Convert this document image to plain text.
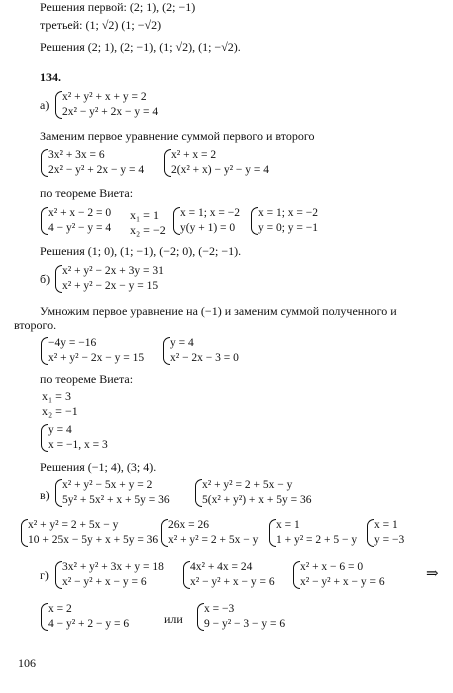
Решения первой: (2; 1), (2; −1)
третьей: (1; √2) (1; −√2)
Решения (2; 1), (2; −1), (1; √2), (1; −√2).
134.
а)
x² + y² + x + y = 2
2x² − y² + 2x − y = 4
Заменим первое уравнение суммой первого и второго
3x² + 3x = 6
2x² − y² + 2x − y = 4
x² + x = 2
2(x² + x) − y² − y = 4
по теореме Виета:
x² + x − 2 = 0
4 − y² − y = 4
x₁ = 1
x₂ = −2
x = 1; x = −2
y(y + 1) = 0
x = 1; x = −2
y = 0; y = −1
Решения (1; 0), (1; −1), (−2; 0), (−2; −1).
б)
x² + y² − 2x + 3y = 31
x² + y² − 2x − y = 15
Умножим первое уравнение на (−1) и заменим суммой полученного и
второго.
−4y = −16
x² + y² − 2x − y = 15
y = 4
x² − 2x − 3 = 0
по теореме Виета:
x₁ = 3
x₂ = −1
y = 4
x = −1, x = 3
Решения (−1; 4), (3; 4).
в)
x² + y² − 5x + y = 2
5y² + 5x² + x + 5y = 36
x² + y² = 2 + 5x − y
5(x² + y²) + x + 5y = 36
x² + y² = 2 + 5x − y
10 + 25x − 5y + x + 5y = 36
26x = 26
x² + y² = 2 + 5x − y
x = 1
1 + y² = 2 + 5 − y
x = 1
y = −3
г)
3x² + y² + 3x + y = 18
x² − y² + x − y = 6
4x² + 4x = 24
x² − y² + x − y = 6
x² + x − 6 = 0
x² − y² + x − y = 6	⇒
x = 2
4 − y² + 2 − y = 6	или
x = −3
9 − y² − 3 − y = 6
106
